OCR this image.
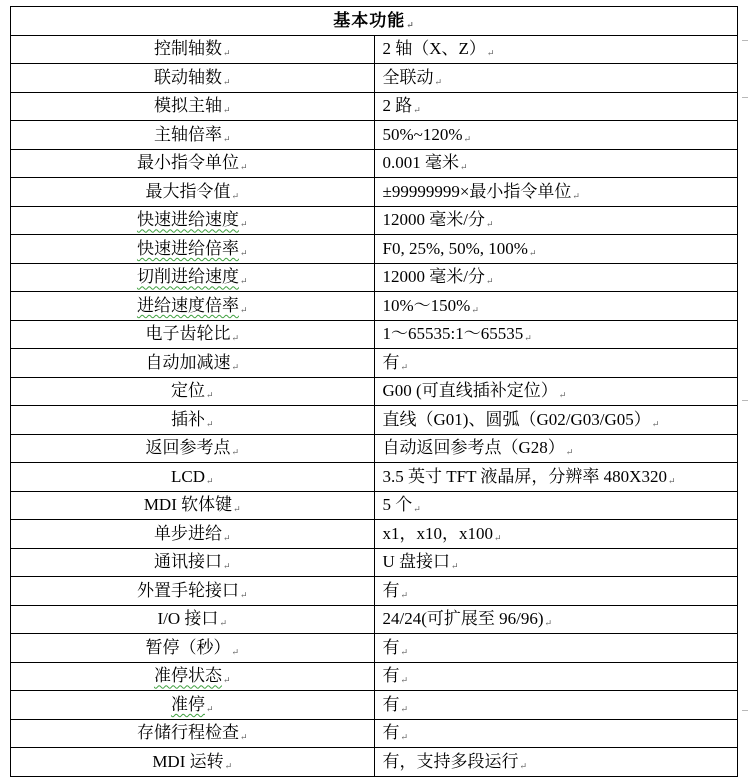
基本功能↵	
控制轴数↵	2 轴（X、Z）↵
联动轴数↵	全联动↵
模拟主轴↵	2 路↵
主轴倍率↵	50%~120%↵
最小指令单位↵	0.001 毫米↵
最大指令值↵	±99999999×最小指令单位↵
快速进给速度↵	12000 毫米/分↵
快速进给倍率↵	F0, 25%, 50%, 100%↵
切削进给速度↵	12000 毫米/分↵
进给速度倍率↵	10%～150%↵
电子齿轮比↵	1～65535:1～65535↵
自动加减速↵	有↵
定位↵	G00 (可直线插补定位）↵
插补↵	直线（G01)、圆弧（G02/G03/G05）↵
返回参考点↵	自动返回参考点（G28）↵
LCD↵	3.5 英寸 TFT 液晶屏，分辨率 480X320↵
MDI 软体键↵	5 个↵
单步进给↵	x1，x10，x100↵
通讯接口↵	U 盘接口↵
外置手轮接口↵	有↵
I/O 接口↵	24/24(可扩展至 96/96)↵
暂停（秒）↵	有↵
准停状态↵	有↵
准停↵	有↵
存储行程检查↵	有↵
MDI 运转↵	有，支持多段运行↵
